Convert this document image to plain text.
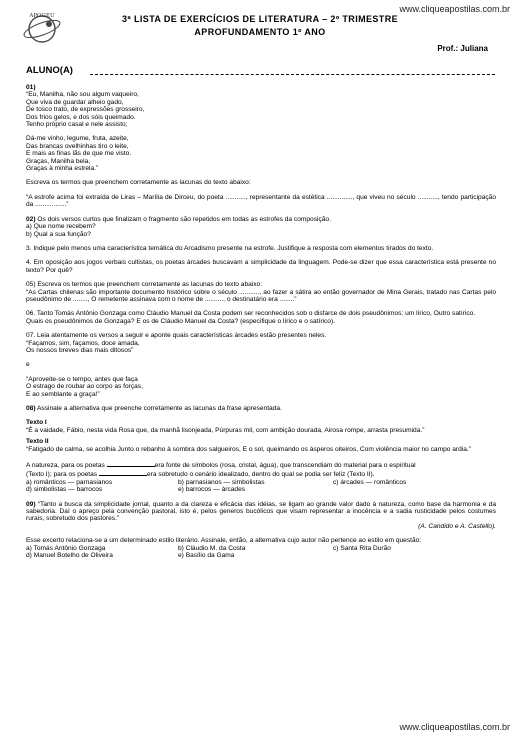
www.cliqueapostilas.com.br
APOGEU	3ª LISTA DE EXERCÍCIOS DE LITERATURA – 2º TRIMESTRE
APROFUNDAMENTO 1º ANO
Prof.: Juliana
ALUNO(A)

01)

“Eu, Manilha, não sou algum vaqueiro,

Que viva de guardar alheio gado,

De tosco trato, de expressões grosseiro,

Dos frios gelos, e dos sóis queimado.

Tenho próprio casal e nele assisto;

Dá-me vinho, legume, fruta, azeite,

Das brancas ovelhinhas tiro o leite,

E mais as finas lãs de que me visto.

Graças, Manilha bela,

Graças à minha estrela.”

Escreva os termos que preenchem corretamente as lacunas do texto abaixo:

“A estrofe acima foi extraída de Liras – Marília de Dirceu, do poeta ..........., representante da estética .............., que viveu no século ..........., tendo participação da .................”

02) Os dois versos curtos que finalizam o fragmento são repetidos em todas as estrofes da composição.

a) Que nome recebem?

b) Qual a sua função?

3. Indique pelo menos uma característica temática do Arcadismo presente na estrofe. Justifique a resposta com elementos tirados do texto.

4. Em oposição aos jogos verbais cultistas, os poetas árcades buscavam a simplicidade da linguagem. Pode-se dizer que essa característica está presente no texto? Por quê?

05) Escreva os termos que preenchem corretamente as lacunas do texto abaixo:

“As Cartas chilenas são importante documento histórico sobre o século ..........., ao fazer a sátira ao então governador de Mina Gerais, tratado nas Cartas pelo pseudônimo de ........, O remetente assinava com o nome de .........., o destinatário era ........”

06. Tanto Tomás Antônio Gonzaga como Cláudio Manuel da Costa podem ser reconhecidos sob o disfarce de dois pseudônimos: um lírico, Outro satírico.

Quais os pseudônimos de Gonzaga? E os de Cláudio Manuel da Costa? (especifique o lírico e o satírico).

07. Leia atentamente os versos a seguir e aponte quais características árcades estão presentes neles.

“Façamos, sim, façamos, doce amada,

Os nossos breves dias mais ditosos”

e

“Aproveite-se o tempo, antes que faça

O estrago de roubar ao corpo as forças,

E ao semblante a graça!”

08) Assinale a alternativa que preenche corretamente as lacunas da frase apresentada.

Texto I

“É a vaidade, Fábio, nesta vida Rosa que, da manhã lisonjeada, Púrpuras mil, com ambição dourada, Airosa rompe, arrasta presumida.”

Texto II

“Fatigado de calma, se acolhia Junto o rebanho à sombra dos salgueiros, E o sol, queimando os ásperos oiteiros, Com violência maior no campo ardia.”

A natureza, para os poetas	era fonte de símbolos (rosa, cristal, água), que transcendiam do material para o espiritual

(Texto I); para os poetas	era sobretudo o cenário idealizado, dentro do qual se podia ser feliz (Texto II).

a) românticos — parnasianos	b) parnasianos — simbolistas	c) árcades — românticos
d) simbolistas — barrocos	e) barrocos — árcades

09) “Tanto a busca da simplicidade jornal, quanto a da clareza e eficácia das idéias, se ligam ao grande valor dado à natureza, como base da harmonia e da sabedoria. Daí o apreço pela convenção pastoral, isto é, pelos generos bucólicos que visam representar a inocência e a sadia rusticidade pelos costumes rurais, sobretudo dos pastores.”

(A. Candido e A. Castello).

Esse excerto relaciona-se a um determinado estilo literário. Assinale, então, a alternativa cujo autor não pertence ao estilo em questão:

a) Tomás Antônio Gonzaga	b) Cláudio M. da Costa	c) Santa Rita Durão
d) Manuel Botelho de Oliveira	e) Basílio da Gama
www.cliqueapostilas.com.br
